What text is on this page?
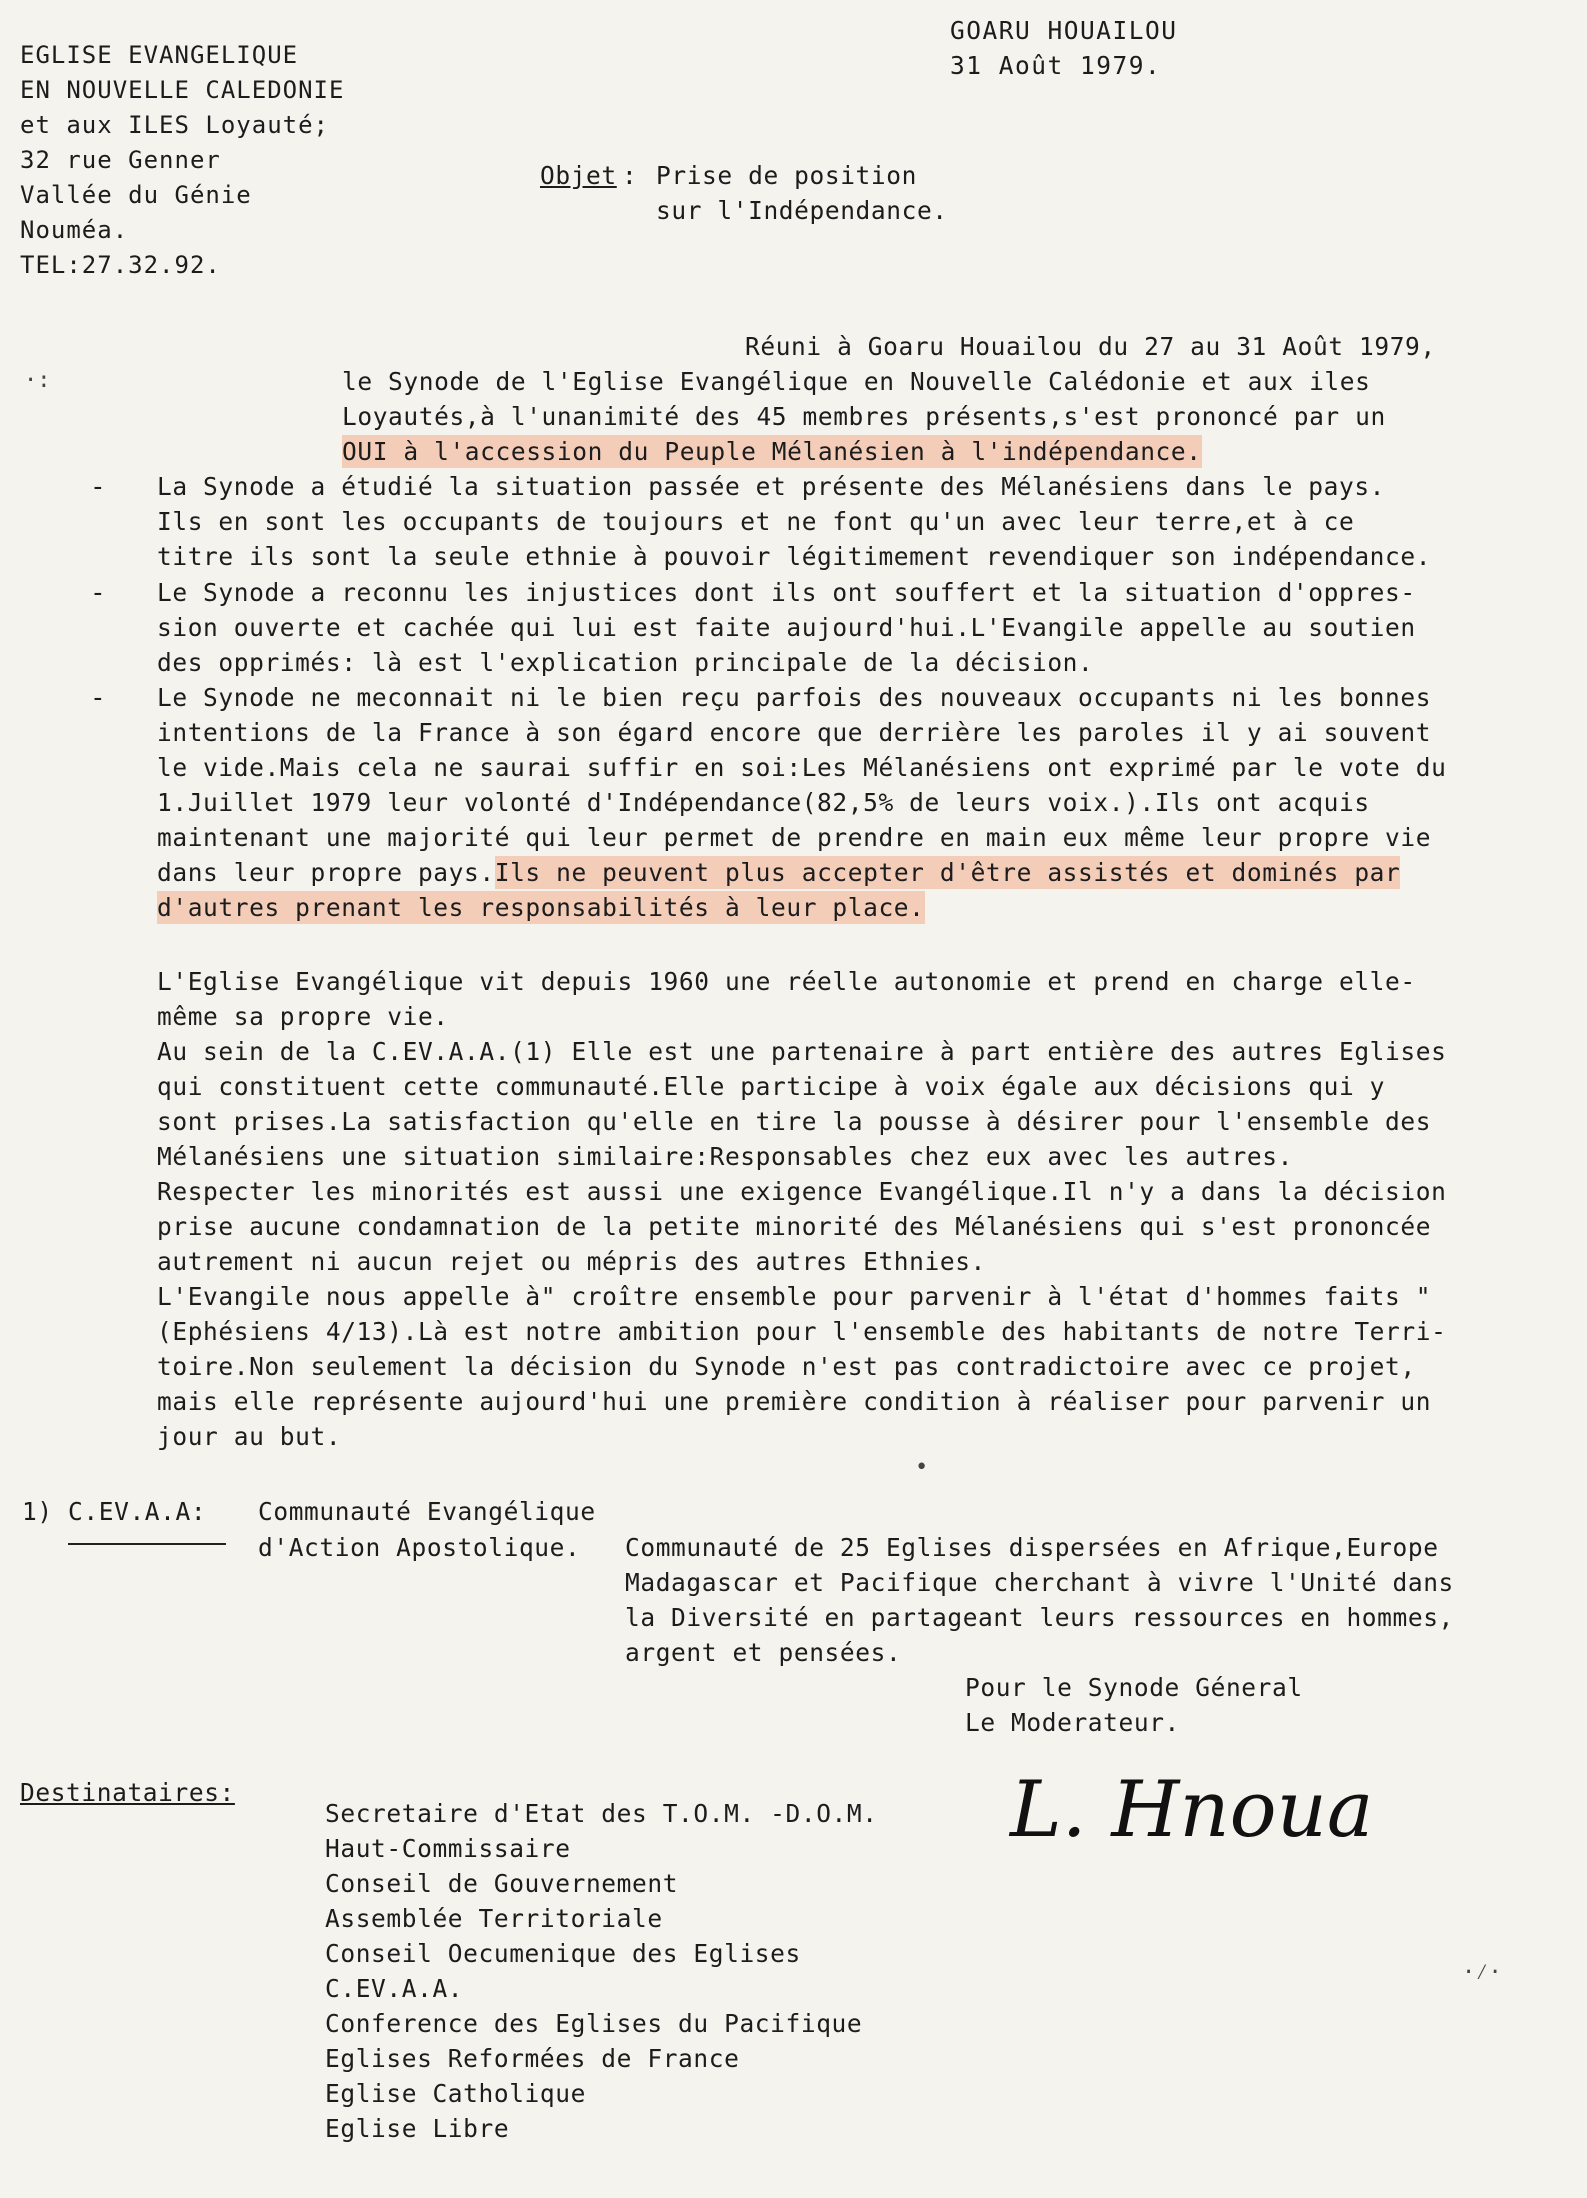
EGLISE EVANGELIQUE
EN NOUVELLE CALEDONIE
et aux ILES Loyauté;
32 rue Genner
Vallée du Génie
Nouméa.
TEL:27.32.92.
GOARU HOUAILOU
31 Août 1979.
Objet : Prise de position
sur l'Indépendance.
Réuni à Goaru Houailou du 27 au 31 Août 1979,
le Synode de l'Eglise Evangélique en Nouvelle Calédonie et aux iles
Loyautés,à l'unanimité des 45 membres présents,s'est prononcé par un
OUI à l'accession du Peuple Mélanésien à l'indépendance.
- La Synode a étudié la situation passée et présente des Mélanésiens dans le pays.
Ils en sont les occupants de toujours et ne font qu'un avec leur terre,et à ce
titre ils sont la seule ethnie à pouvoir légitimement revendiquer son indépendance.
- Le Synode a reconnu les injustices dont ils ont souffert et la situation d'oppres-
sion ouverte et cachée qui lui est faite aujourd'hui.L'Evangile appelle au soutien
des opprimés: là est l'explication principale de la décision.
- Le Synode ne meconnait ni le bien reçu parfois des nouveaux occupants ni les bonnes
intentions de la France à son égard encore que derrière les paroles il y ai souvent
le vide.Mais cela ne saurai suffir en soi:Les Mélanésiens ont exprimé par le vote du
1.Juillet 1979 leur volonté d'Indépendance(82,5% de leurs voix.).Ils ont acquis
maintenant une majorité qui leur permet de prendre en main eux même leur propre vie
dans leur propre pays.Ils ne peuvent plus accepter d'être assistés et dominés par
d'autres prenant les responsabilités à leur place.
L'Eglise Evangélique vit depuis 1960 une réelle autonomie et prend en charge elle-
même sa propre vie.
Au sein de la C.EV.A.A.(1) Elle est une partenaire à part entière des autres Eglises
qui constituent cette communauté.Elle participe à voix égale aux décisions qui y
sont prises.La satisfaction qu'elle en tire la pousse à désirer pour l'ensemble des
Mélanésiens une situation similaire:Responsables chez eux avec les autres.
Respecter les minorités est aussi une exigence Evangélique.Il n'y a dans la décision
prise aucune condamnation de la petite minorité des Mélanésiens qui s'est prononcée
autrement ni aucun rejet ou mépris des autres Ethnies.
L'Evangile nous appelle à" croître ensemble pour parvenir à l'état d'hommes faits "
(Ephésiens 4/13).Là est notre ambition pour l'ensemble des habitants de notre Terri-
toire.Non seulement la décision du Synode n'est pas contradictoire avec ce projet,
mais elle représente aujourd'hui une première condition à réaliser pour parvenir un
jour au but.
1) C.EV.A.A: Communauté Evangélique
d'Action Apostolique. Communauté de 25 Eglises dispersées en Afrique,Europe
Madagascar et Pacifique cherchant à vivre l'Unité dans
la Diversité en partageant leurs ressources en hommes,
argent et pensées.
Pour le Synode Géneral
Le Moderateur.
L. Hnoua
Destinataires:
Secretaire d'Etat des T.O.M. -D.O.M.
Haut-Commissaire
Conseil de Gouvernement
Assemblée Territoriale
Conseil Oecumenique des Eglises
C.EV.A.A.
Conference des Eglises du Pacifique
Eglises Reformées de France
Eglise Catholique
Eglise Libre
·:
·⁄·
•
